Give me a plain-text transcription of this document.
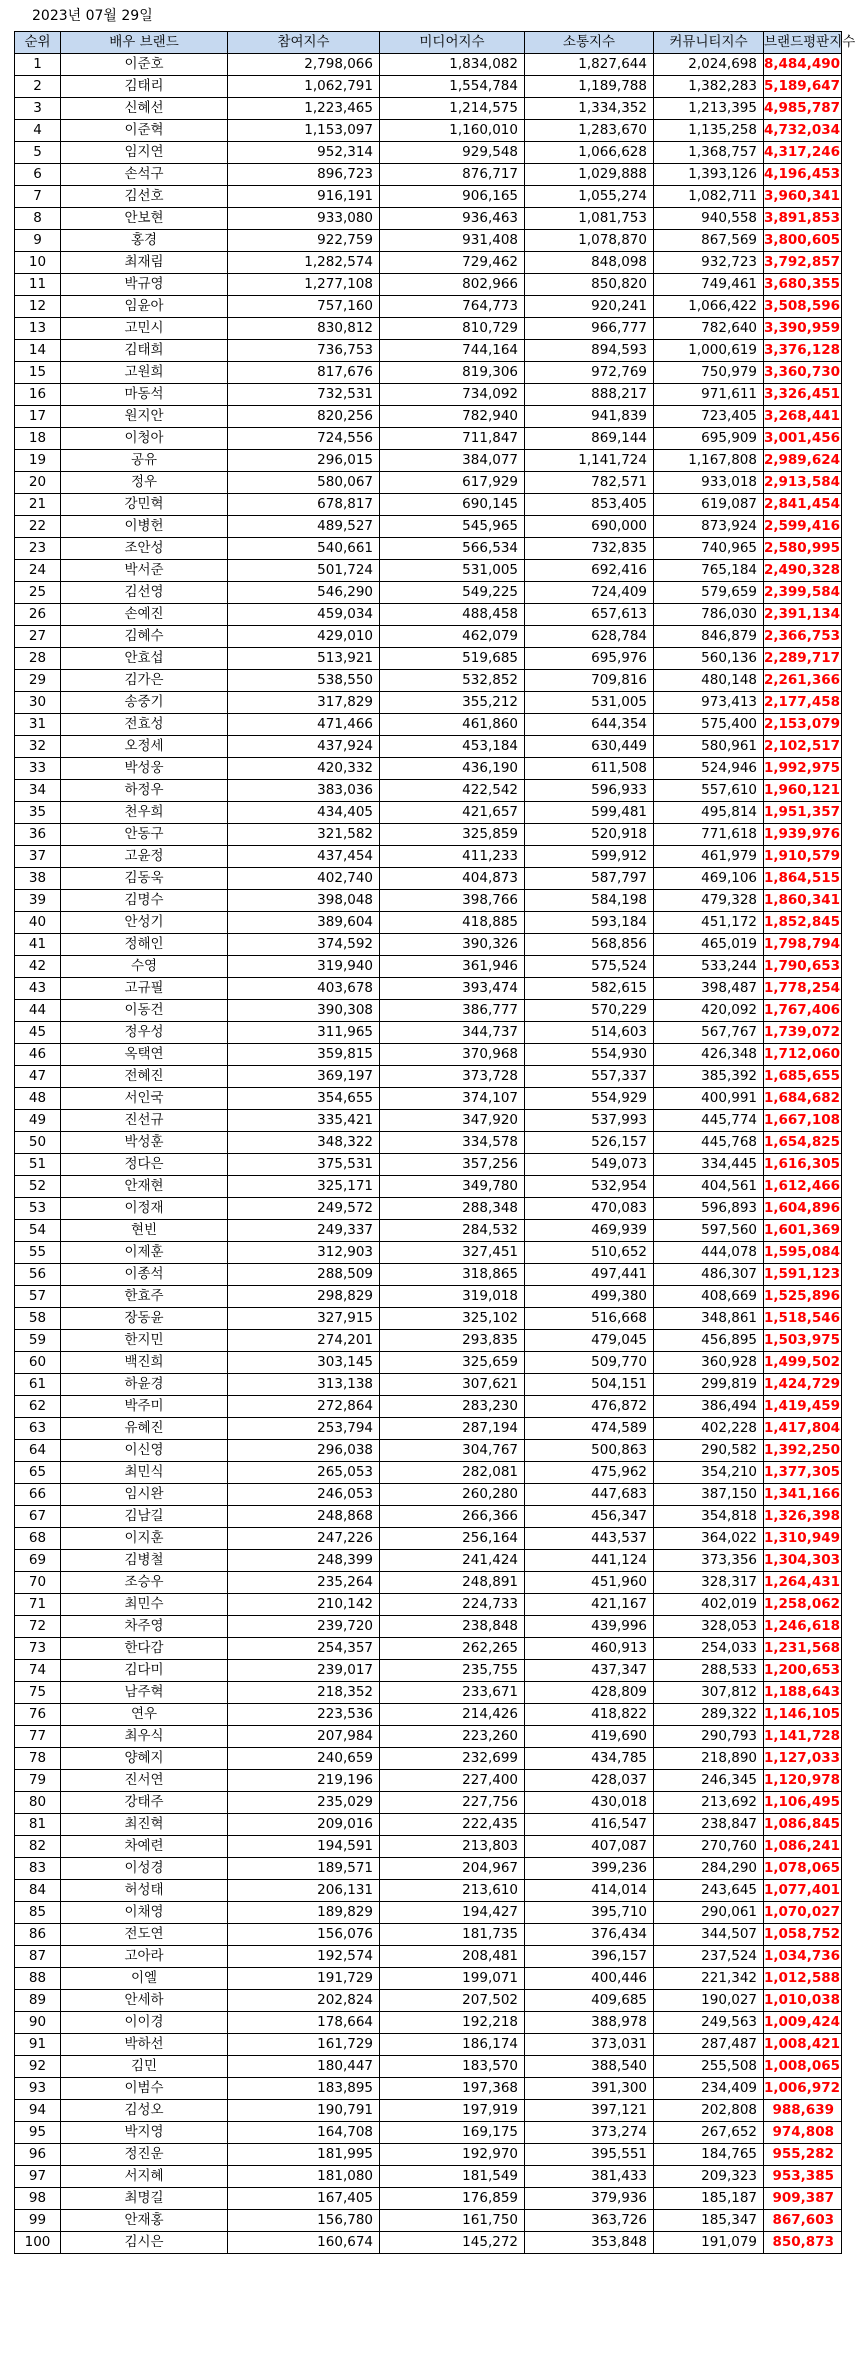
2023년 07월 29일
순위	배우 브랜드	참여지수	미디어지수	소통지수	커뮤니티지수	브랜드평판지수
1	이준호	2,798,066	1,834,082	1,827,644	2,024,698	8,484,490
2	김태리	1,062,791	1,554,784	1,189,788	1,382,283	5,189,647
3	신혜선	1,223,465	1,214,575	1,334,352	1,213,395	4,985,787
4	이준혁	1,153,097	1,160,010	1,283,670	1,135,258	4,732,034
5	임지연	952,314	929,548	1,066,628	1,368,757	4,317,246
6	손석구	896,723	876,717	1,029,888	1,393,126	4,196,453
7	김선호	916,191	906,165	1,055,274	1,082,711	3,960,341
8	안보현	933,080	936,463	1,081,753	940,558	3,891,853
9	홍경	922,759	931,408	1,078,870	867,569	3,800,605
10	최재림	1,282,574	729,462	848,098	932,723	3,792,857
11	박규영	1,277,108	802,966	850,820	749,461	3,680,355
12	임윤아	757,160	764,773	920,241	1,066,422	3,508,596
13	고민시	830,812	810,729	966,777	782,640	3,390,959
14	김태희	736,753	744,164	894,593	1,000,619	3,376,128
15	고원희	817,676	819,306	972,769	750,979	3,360,730
16	마동석	732,531	734,092	888,217	971,611	3,326,451
17	원지안	820,256	782,940	941,839	723,405	3,268,441
18	이청아	724,556	711,847	869,144	695,909	3,001,456
19	공유	296,015	384,077	1,141,724	1,167,808	2,989,624
20	정우	580,067	617,929	782,571	933,018	2,913,584
21	강민혁	678,817	690,145	853,405	619,087	2,841,454
22	이병헌	489,527	545,965	690,000	873,924	2,599,416
23	조안성	540,661	566,534	732,835	740,965	2,580,995
24	박서준	501,724	531,005	692,416	765,184	2,490,328
25	김선영	546,290	549,225	724,409	579,659	2,399,584
26	손예진	459,034	488,458	657,613	786,030	2,391,134
27	김혜수	429,010	462,079	628,784	846,879	2,366,753
28	안효섭	513,921	519,685	695,976	560,136	2,289,717
29	김가은	538,550	532,852	709,816	480,148	2,261,366
30	송중기	317,829	355,212	531,005	973,413	2,177,458
31	전효성	471,466	461,860	644,354	575,400	2,153,079
32	오정세	437,924	453,184	630,449	580,961	2,102,517
33	박성웅	420,332	436,190	611,508	524,946	1,992,975
34	하정우	383,036	422,542	596,933	557,610	1,960,121
35	천우희	434,405	421,657	599,481	495,814	1,951,357
36	안동구	321,582	325,859	520,918	771,618	1,939,976
37	고윤정	437,454	411,233	599,912	461,979	1,910,579
38	김동욱	402,740	404,873	587,797	469,106	1,864,515
39	김명수	398,048	398,766	584,198	479,328	1,860,341
40	안성기	389,604	418,885	593,184	451,172	1,852,845
41	정해인	374,592	390,326	568,856	465,019	1,798,794
42	수영	319,940	361,946	575,524	533,244	1,790,653
43	고규필	403,678	393,474	582,615	398,487	1,778,254
44	이동건	390,308	386,777	570,229	420,092	1,767,406
45	정우성	311,965	344,737	514,603	567,767	1,739,072
46	옥택연	359,815	370,968	554,930	426,348	1,712,060
47	전혜진	369,197	373,728	557,337	385,392	1,685,655
48	서인국	354,655	374,107	554,929	400,991	1,684,682
49	진선규	335,421	347,920	537,993	445,774	1,667,108
50	박성훈	348,322	334,578	526,157	445,768	1,654,825
51	정다은	375,531	357,256	549,073	334,445	1,616,305
52	안재현	325,171	349,780	532,954	404,561	1,612,466
53	이정재	249,572	288,348	470,083	596,893	1,604,896
54	현빈	249,337	284,532	469,939	597,560	1,601,369
55	이제훈	312,903	327,451	510,652	444,078	1,595,084
56	이종석	288,509	318,865	497,441	486,307	1,591,123
57	한효주	298,829	319,018	499,380	408,669	1,525,896
58	장동윤	327,915	325,102	516,668	348,861	1,518,546
59	한지민	274,201	293,835	479,045	456,895	1,503,975
60	백진희	303,145	325,659	509,770	360,928	1,499,502
61	하윤경	313,138	307,621	504,151	299,819	1,424,729
62	박주미	272,864	283,230	476,872	386,494	1,419,459
63	유혜진	253,794	287,194	474,589	402,228	1,417,804
64	이신영	296,038	304,767	500,863	290,582	1,392,250
65	최민식	265,053	282,081	475,962	354,210	1,377,305
66	임시완	246,053	260,280	447,683	387,150	1,341,166
67	김남길	248,868	266,366	456,347	354,818	1,326,398
68	이지훈	247,226	256,164	443,537	364,022	1,310,949
69	김병철	248,399	241,424	441,124	373,356	1,304,303
70	조승우	235,264	248,891	451,960	328,317	1,264,431
71	최민수	210,142	224,733	421,167	402,019	1,258,062
72	차주영	239,720	238,848	439,996	328,053	1,246,618
73	한다감	254,357	262,265	460,913	254,033	1,231,568
74	김다미	239,017	235,755	437,347	288,533	1,200,653
75	남주혁	218,352	233,671	428,809	307,812	1,188,643
76	연우	223,536	214,426	418,822	289,322	1,146,105
77	최우식	207,984	223,260	419,690	290,793	1,141,728
78	양혜지	240,659	232,699	434,785	218,890	1,127,033
79	진서연	219,196	227,400	428,037	246,345	1,120,978
80	강태주	235,029	227,756	430,018	213,692	1,106,495
81	최진혁	209,016	222,435	416,547	238,847	1,086,845
82	차예련	194,591	213,803	407,087	270,760	1,086,241
83	이성경	189,571	204,967	399,236	284,290	1,078,065
84	허성태	206,131	213,610	414,014	243,645	1,077,401
85	이채영	189,829	194,427	395,710	290,061	1,070,027
86	전도연	156,076	181,735	376,434	344,507	1,058,752
87	고아라	192,574	208,481	396,157	237,524	1,034,736
88	이엘	191,729	199,071	400,446	221,342	1,012,588
89	안세하	202,824	207,502	409,685	190,027	1,010,038
90	이이경	178,664	192,218	388,978	249,563	1,009,424
91	박하선	161,729	186,174	373,031	287,487	1,008,421
92	김민	180,447	183,570	388,540	255,508	1,008,065
93	이범수	183,895	197,368	391,300	234,409	1,006,972
94	김성오	190,791	197,919	397,121	202,808	988,639
95	박지영	164,708	169,175	373,274	267,652	974,808
96	정진운	181,995	192,970	395,551	184,765	955,282
97	서지혜	181,080	181,549	381,433	209,323	953,385
98	최명길	167,405	176,859	379,936	185,187	909,387
99	안재홍	156,780	161,750	363,726	185,347	867,603
100	김시은	160,674	145,272	353,848	191,079	850,873
